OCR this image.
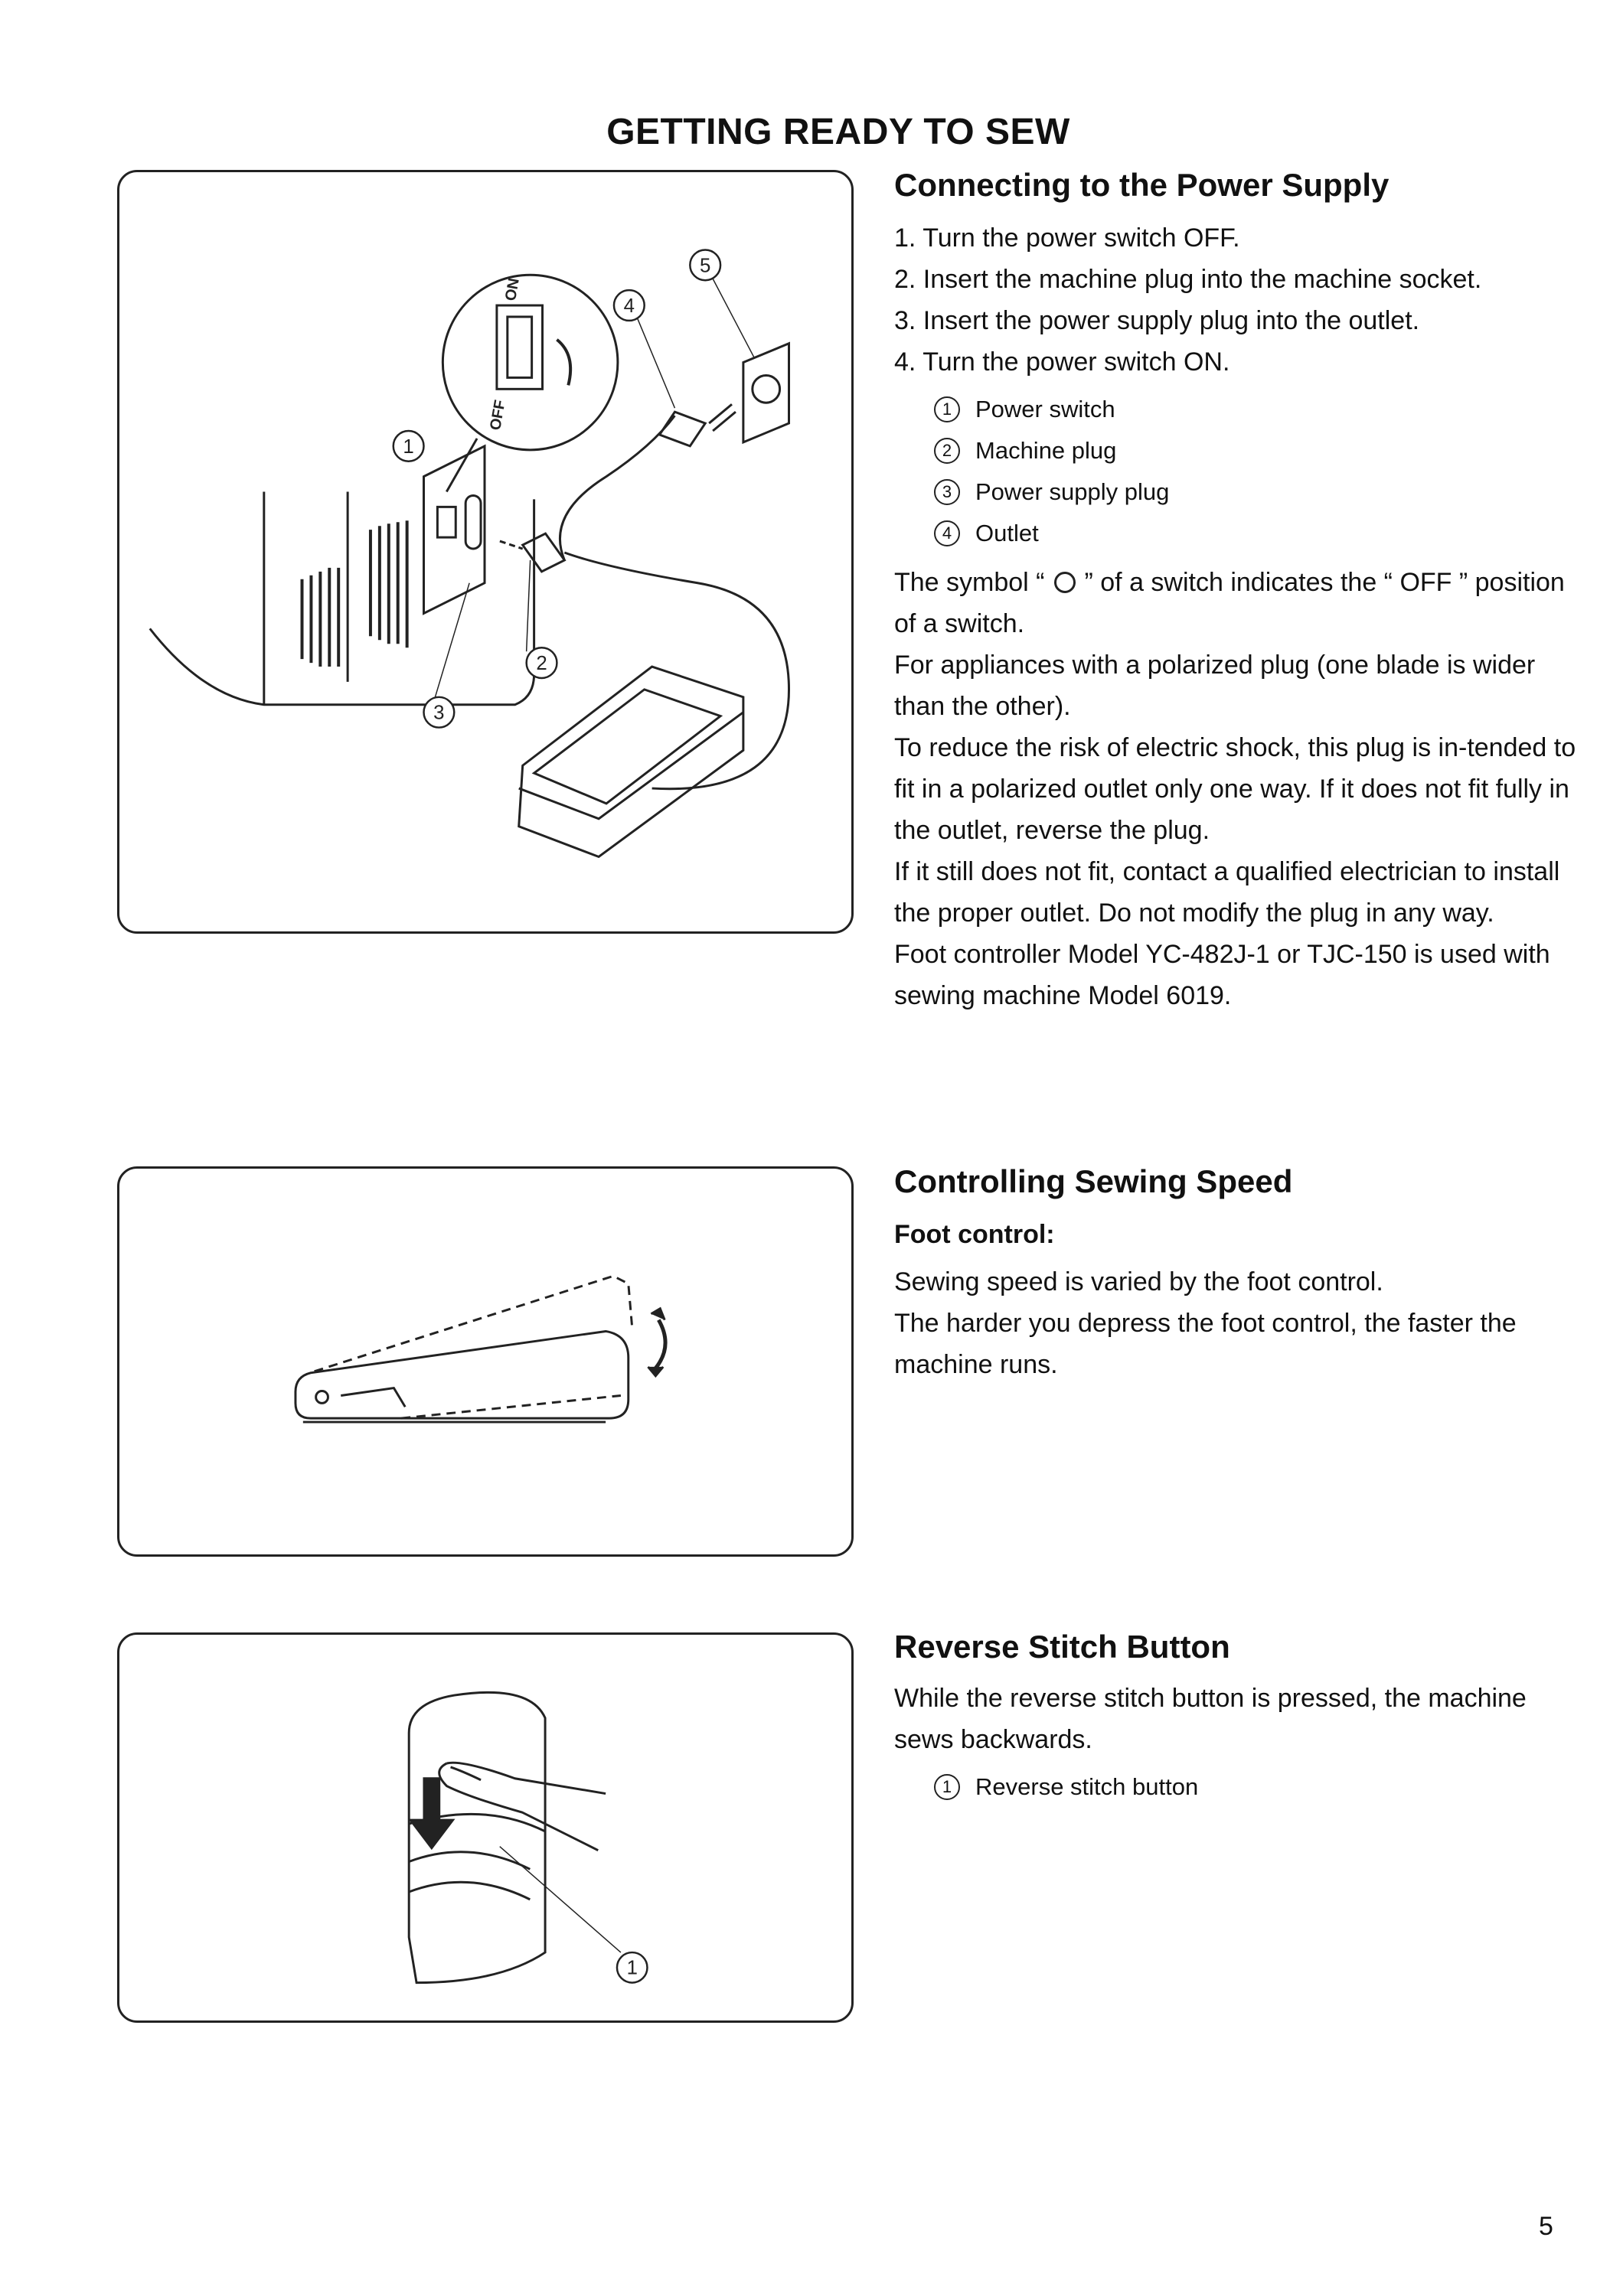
GETTING READY TO SEW
1
2
3
4
5
ON
OFF
1

Connecting to the Power Supply

1. Turn the power switch OFF.
2. Insert the machine plug into the machine socket.
3. Insert the power supply plug into the outlet.
4. Turn the power switch ON.
1 Power switch
2 Machine plug
3 Power supply plug
4 Outlet

The symbol “ ” of a switch indicates the “ OFF ” position of a switch.

For appliances with a polarized plug (one blade is wider than the other).

To reduce the risk of electric shock, this plug is in-tended to fit in a polarized outlet only one way. If it does not fit fully in the outlet, reverse the plug.

If it still does not fit, contact a qualified electrician to install the proper outlet. Do not modify the plug in any way.

Foot controller Model YC-482J-1 or TJC-150 is used with sewing machine Model 6019.

Controlling Sewing Speed

Foot control:

Sewing speed is varied by the foot control.

The harder you depress the foot control, the faster the machine runs.

Reverse Stitch Button

While the reverse stitch button is pressed, the machine sews backwards.

1 Reverse stitch button
5
